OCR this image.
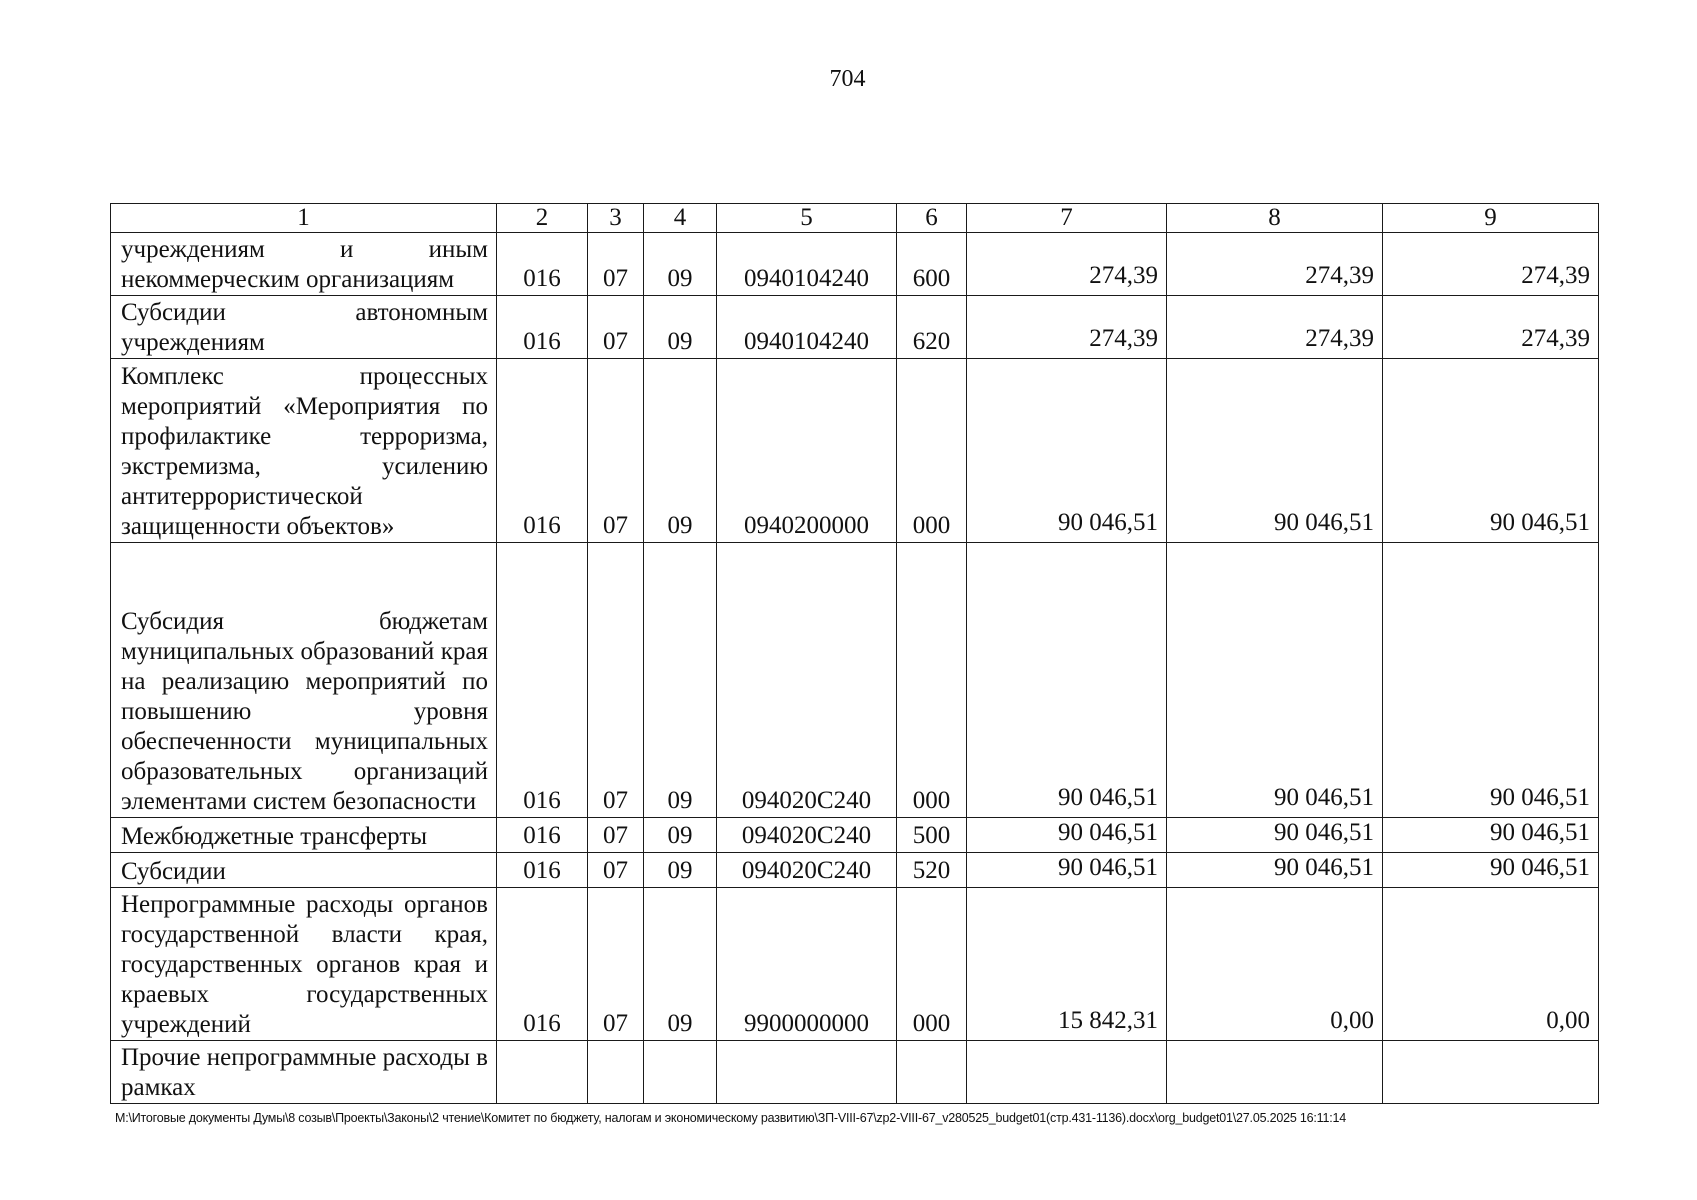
704
1	2	3	4	5	6	7	8	9
учреждениям и иным некоммерческим организациям	016	07	09	0940104240	600	274,39	274,39	274,39
Субсидии автономным учреждениям	016	07	09	0940104240	620	274,39	274,39	274,39
Комплекс процессных мероприятий «Мероприятия по профилактике терроризма, экстремизма, усилению антитеррористической защищенности объектов»	016	07	09	0940200000	000	90 046,51	90 046,51	90 046,51
Субсидия бюджетам муниципальных образований края на реализацию мероприятий по повышению уровня обеспеченности муниципальных образовательных организаций элементами систем безопасности	016	07	09	094020С240	000	90 046,51	90 046,51	90 046,51
Межбюджетные трансферты	016	07	09	094020С240	500	90 046,51	90 046,51	90 046,51
Субсидии	016	07	09	094020С240	520	90 046,51	90 046,51	90 046,51
Непрограммные расходы органов государственной власти края, государственных органов края и краевых государственных учреждений	016	07	09	9900000000	000	15 842,31	0,00	0,00
Прочие непрограммные расходы в рамках								
M:\Итоговые документы Думы\8 созыв\Проекты\Законы\2 чтение\Комитет по бюджету, налогам и экономическому развитию\ЗП-VIII-67\zp2-VIII-67_v280525_budget01(стр.431-1136).docx\org_budget01\27.05.2025 16:11:14
